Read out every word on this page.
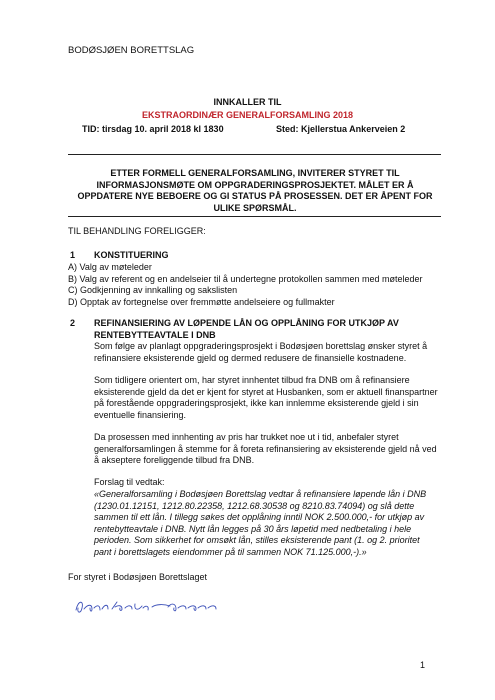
BODØSJØEN BORETTSLAG
INNKALLER TIL
EKSTRAORDINÆR GENERALFORSAMLING 2018
TID: tirsdag 10. april 2018 kl 1830	Sted: Kjellerstua Ankerveien 2
ETTER FORMELL GENERALFORSAMLING, INVITERER STYRET TIL INFORMASJONSMØTE OM OPPGRADERINGSPROSJEKTET. MÅLET ER Å OPPDATERE NYE BEBOERE OG GI STATUS PÅ PROSESSEN. DET ER ÅPENT FOR ULIKE SPØRSMÅL.
TIL BEHANDLING FORELIGGER:
1 KONSTITUERING
A) Valg av møteleder
B) Valg av referent og en andelseier til å undertegne protokollen sammen med møteleder
C) Godkjenning av innkalling og sakslisten
D) Opptak av fortegnelse over fremmøtte andelseiere og fullmakter
2 REFINANSIERING AV LØPENDE LÅN OG OPPLÅNING FOR UTKJØP AV
RENTEBYTTEAVTALE I DNB

Som følge av planlagt oppgraderingsprosjekt i Bodøsjøen borettslag ønsker styret å refinansiere eksisterende gjeld og dermed redusere de finansielle kostnadene.

Som tidligere orientert om, har styret innhentet tilbud fra DNB om å refinansiere eksisterende gjeld da det er kjent for styret at Husbanken, som er aktuell finanspartner på forestående oppgraderingsprosjekt, ikke kan innlemme eksisterende gjeld i sin eventuelle finansiering.

Da prosessen med innhenting av pris har trukket noe ut i tid, anbefaler styret generalforsamlingen å stemme for å foreta refinansiering av eksisterende gjeld nå ved å akseptere foreliggende tilbud fra DNB.

Forslag til vedtak:
«Generalforsamling i Bodøsjøen Borettslag vedtar å refinansiere løpende lån i DNB (1230.01.12151, 1212.80.22358, 1212.68.30538 og 8210.83.74094) og slå dette sammen til ett lån. I tillegg søkes det opplåning inntil NOK 2.500.000,- for utkjøp av rentebytteavtale i DNB. Nytt lån legges på 30 års løpetid med nedbetaling i hele perioden. Som sikkerhet for omsøkt lån, stilles eksisterende pant (1. og 2. prioritet pant i borettslagets eiendommer på til sammen NOK 71.125.000,-).»
For styret i Bodøsjøen Borettslaget
1
